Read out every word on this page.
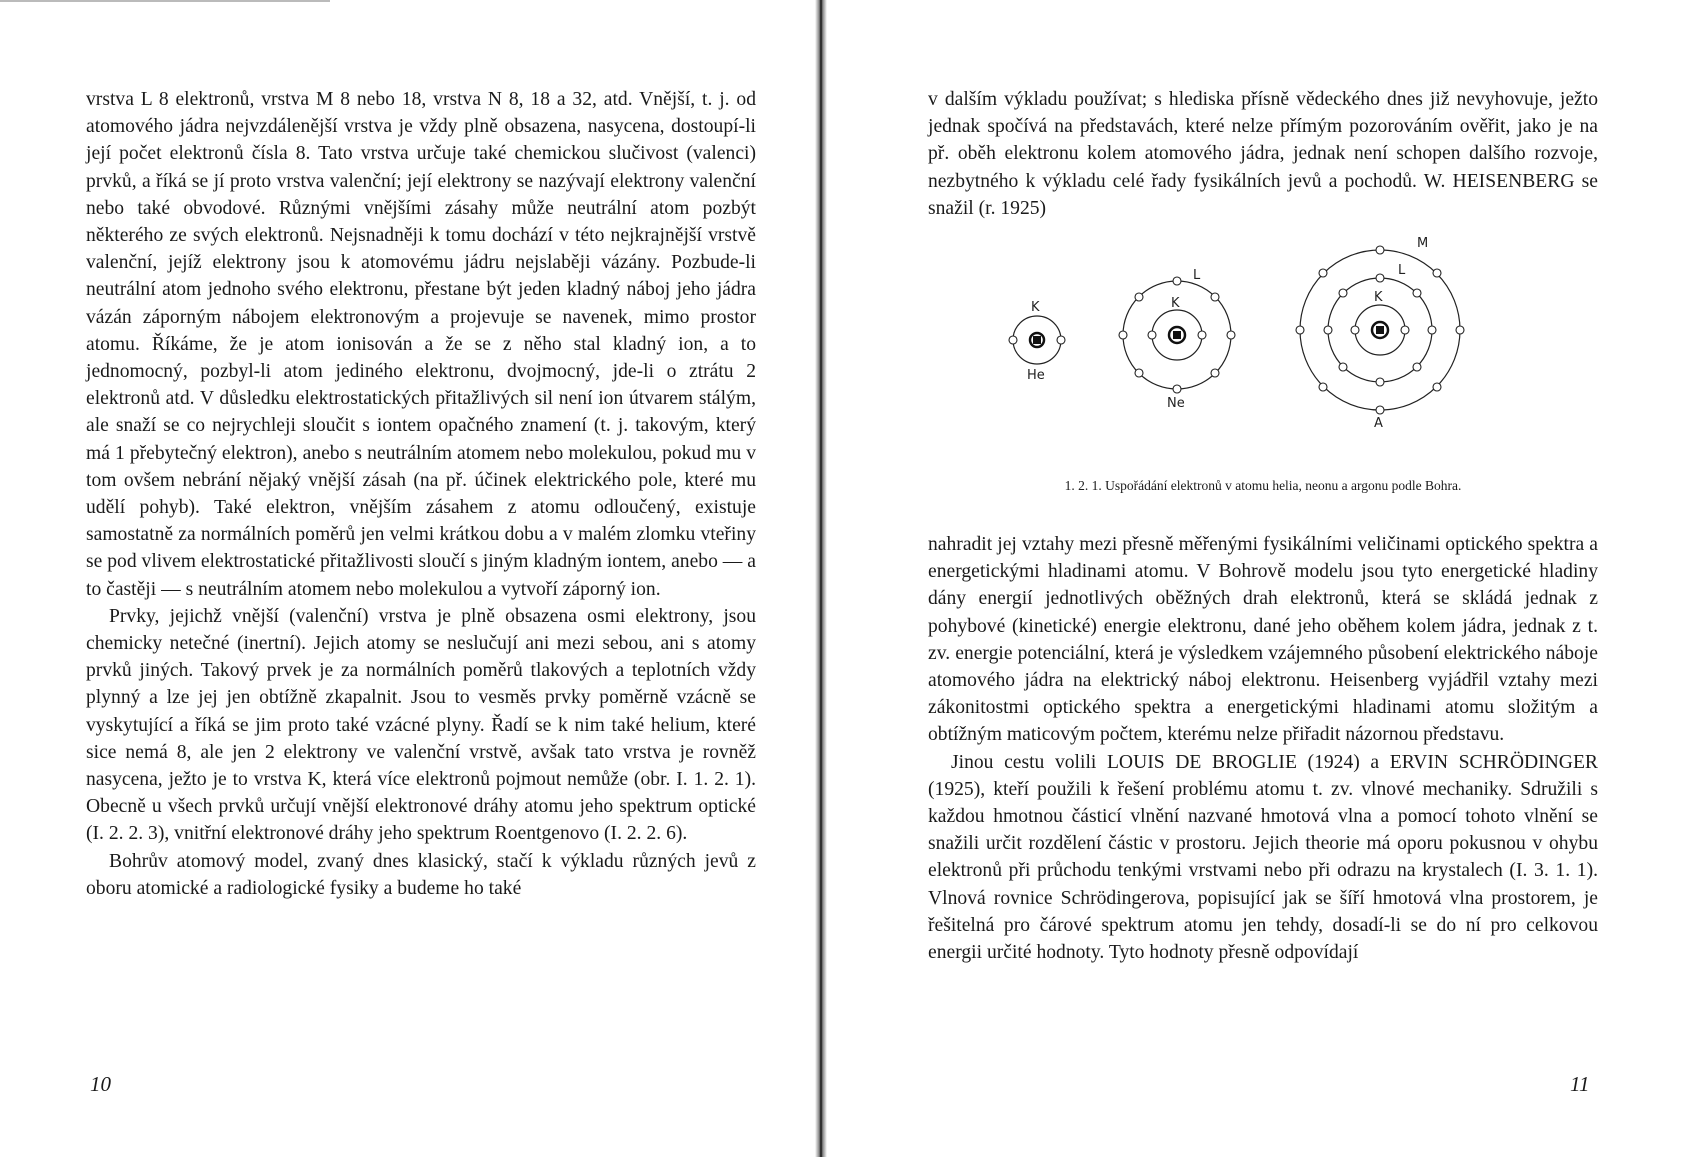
vrstva L 8 elektronů, vrstva M 8 nebo 18, vrstva N 8, 18 a 32, atd. Vnější, t. j. od atomového jádra nejvzdálenější vrstva je vždy plně obsazena, nasycena, dostoupí-li její počet elektronů čísla 8. Tato vrstva určuje také chemickou slučivost (valenci) prvků, a říká se jí proto vrstva valenční; její elektrony se nazývají elektrony valenční nebo také obvodové. Různými vnějšími zásahy může neutrální atom pozbýt některého ze svých elektronů. Nejsnadněji k tomu dochází v této nejkrajnější vrstvě valenční, jejíž elektrony jsou k atomovému jádru nejslaběji vázány. Pozbude-li neutrální atom jednoho svého elektronu, přestane být jeden kladný náboj jeho jádra vázán záporným nábojem elektronovým a projevuje se navenek, mimo prostor atomu. Říkáme, že je atom ionisován a že se z něho stal kladný ion, a to jednomocný, pozbyl-li atom jediného elektronu, dvojmocný, jde-li o ztrátu 2 elektronů atd. V důsledku elektrostatických přitažlivých sil není ion útvarem stálým, ale snaží se co nejrychleji sloučit s iontem opačného znamení (t. j. takovým, který má 1 přebytečný elektron), anebo s neutrálním atomem nebo molekulou, pokud mu v tom ovšem nebrání nějaký vnější zásah (na př. účinek elektrického pole, které mu udělí pohyb). Také elektron, vnějším zásahem z atomu odloučený, existuje samostatně za normálních poměrů jen velmi krátkou dobu a v malém zlomku vteřiny se pod vlivem elektrostatické přitažlivosti sloučí s jiným kladným iontem, anebo — a to častěji — s neutrálním atomem nebo molekulou a vytvoří záporný ion.

Prvky, jejichž vnější (valenční) vrstva je plně obsazena osmi elektrony, jsou chemicky netečné (inertní). Jejich atomy se neslučují ani mezi sebou, ani s atomy prvků jiných. Takový prvek je za normálních poměrů tlakových a teplotních vždy plynný a lze jej jen obtížně zkapalnit. Jsou to vesměs prvky poměrně vzácně se vyskytující a říká se jim proto také vzácné plyny. Řadí se k nim také helium, které sice nemá 8, ale jen 2 elektrony ve valenční vrstvě, avšak tato vrstva je rovněž nasycena, ježto je to vrstva K, která více elektronů pojmout nemůže (obr. I. 1. 2. 1). Obecně u všech prvků určují vnější elektronové dráhy atomu jeho spektrum optické (I. 2. 2. 3), vnitřní elektronové dráhy jeho spektrum Roentgenovo (I. 2. 2. 6).

Bohrův atomový model, zvaný dnes klasický, stačí k výkladu různých jevů z oboru atomické a radiologické fysiky a budeme ho také

10

v dalším výkladu používat; s hlediska přísně vědeckého dnes již nevyhovuje, ježto jednak spočívá na představách, které nelze přímým pozorováním ověřit, jako je na př. oběh elektronu kolem atomového jádra, jednak není schopen dalšího rozvoje, nezbytného k výkladu celé řady fysikálních jevů a pochodů. W. HEISENBERG se snažil (r. 1925)

K
He
K
L
Ne
K
L
M
A
1. 2. 1. Uspořádání elektronů v atomu helia, neonu a argonu podle Bohra.

nahradit jej vztahy mezi přesně měřenými fysikálními veličinami optického spektra a energetickými hladinami atomu. V Bohrově modelu jsou tyto energetické hladiny dány energií jednotlivých oběžných drah elektronů, která se skládá jednak z pohybové (kinetické) energie elektronu, dané jeho oběhem kolem jádra, jednak z t. zv. energie potenciální, která je výsledkem vzájemného působení elektrického náboje atomového jádra na elektrický náboj elektronu. Heisenberg vyjádřil vztahy mezi zákonitostmi optického spektra a energetickými hladinami atomu složitým a obtížným maticovým počtem, kterému nelze přiřadit názornou představu.

Jinou cestu volili LOUIS DE BROGLIE (1924) a ERVIN SCHRÖDINGER (1925), kteří použili k řešení problému atomu t. zv. vlnové mechaniky. Sdružili s každou hmotnou částicí vlnění nazvané hmotová vlna a pomocí tohoto vlnění se snažili určit rozdělení částic v prostoru. Jejich theorie má oporu pokusnou v ohybu elektronů při průchodu tenkými vrstvami nebo při odrazu na krystalech (I. 3. 1. 1). Vlnová rovnice Schrödingerova, popisující jak se šíří hmotová vlna prostorem, je řešitelná pro čárové spektrum atomu jen tehdy, dosadí-li se do ní pro celkovou energii určité hodnoty. Tyto hodnoty přesně odpovídají

11
